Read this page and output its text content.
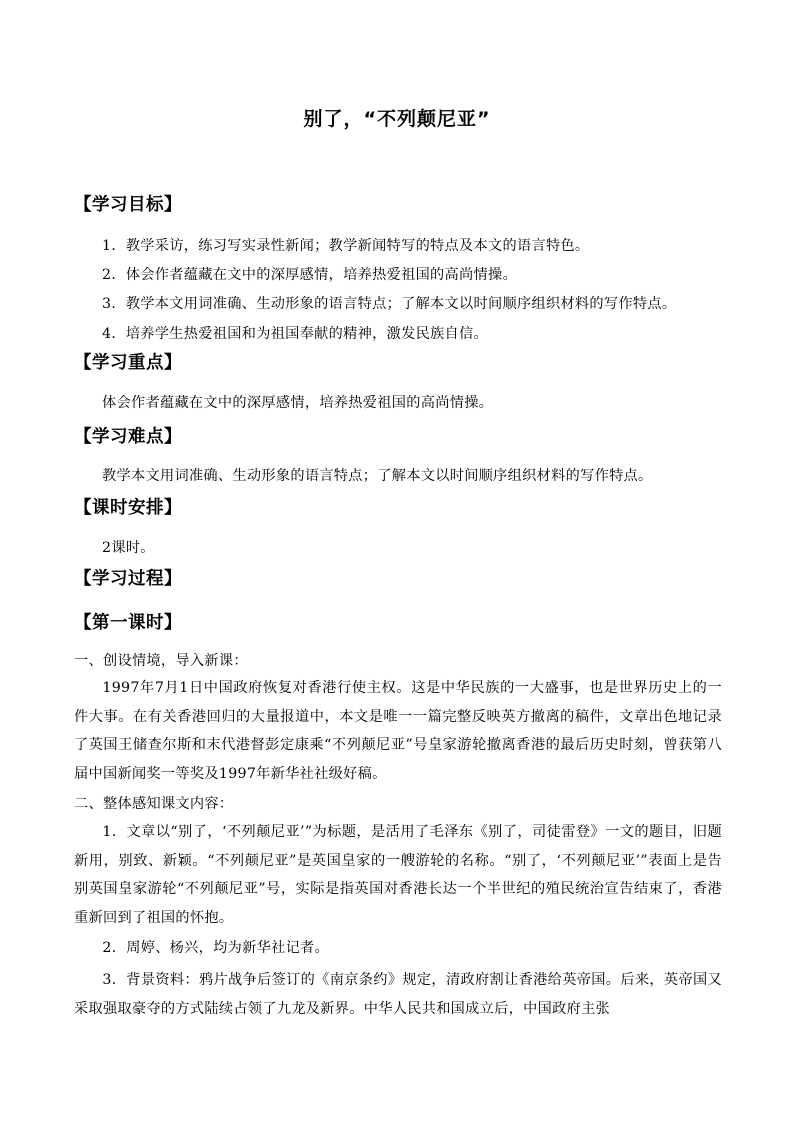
别了，“不列颠尼亚”
【学习目标】
1．教学采访，练习写实录性新闻；教学新闻特写的特点及本文的语言特色。
2．体会作者蕴藏在文中的深厚感情，培养热爱祖国的高尚情操。
3．教学本文用词准确、生动形象的语言特点；了解本文以时间顺序组织材料的写作特点。
4．培养学生热爱祖国和为祖国奉献的精神，激发民族自信。
【学习重点】
体会作者蕴藏在文中的深厚感情，培养热爱祖国的高尚情操。
【学习难点】
教学本文用词准确、生动形象的语言特点；了解本文以时间顺序组织材料的写作特点。
【课时安排】
2课时。
【学习过程】
【第一课时】
一、创设情境，导入新课：
1997年7月1日中国政府恢复对香港行使主权。这是中华民族的一大盛事，也是世界历史上的一件大事。在有关香港回归的大量报道中，本文是唯一一篇完整反映英方撤离的稿件，文章出色地记录了英国王储查尔斯和末代港督彭定康乘“不列颠尼亚”号皇家游轮撤离香港的最后历史时刻，曾获第八届中国新闻奖一等奖及1997年新华社社级好稿。
二、整体感知课文内容：
1．文章以“别了，‘不列颠尼亚’”为标题，是活用了毛泽东《别了，司徒雷登》一文的题目，旧题新用，别致、新颖。“不列颠尼亚”是英国皇家的一艘游轮的名称。“别了，‘不列颠尼亚’”表面上是告别英国皇家游轮“不列颠尼亚”号，实际是指英国对香港长达一个半世纪的殖民统治宣告结束了，香港重新回到了祖国的怀抱。
2．周婷、杨兴，均为新华社记者。
3．背景资料：鸦片战争后签订的《南京条约》规定，清政府割让香港给英帝国。后来，英帝国又采取强取豪夺的方式陆续占领了九龙及新界。中华人民共和国成立后，中国政府主张
